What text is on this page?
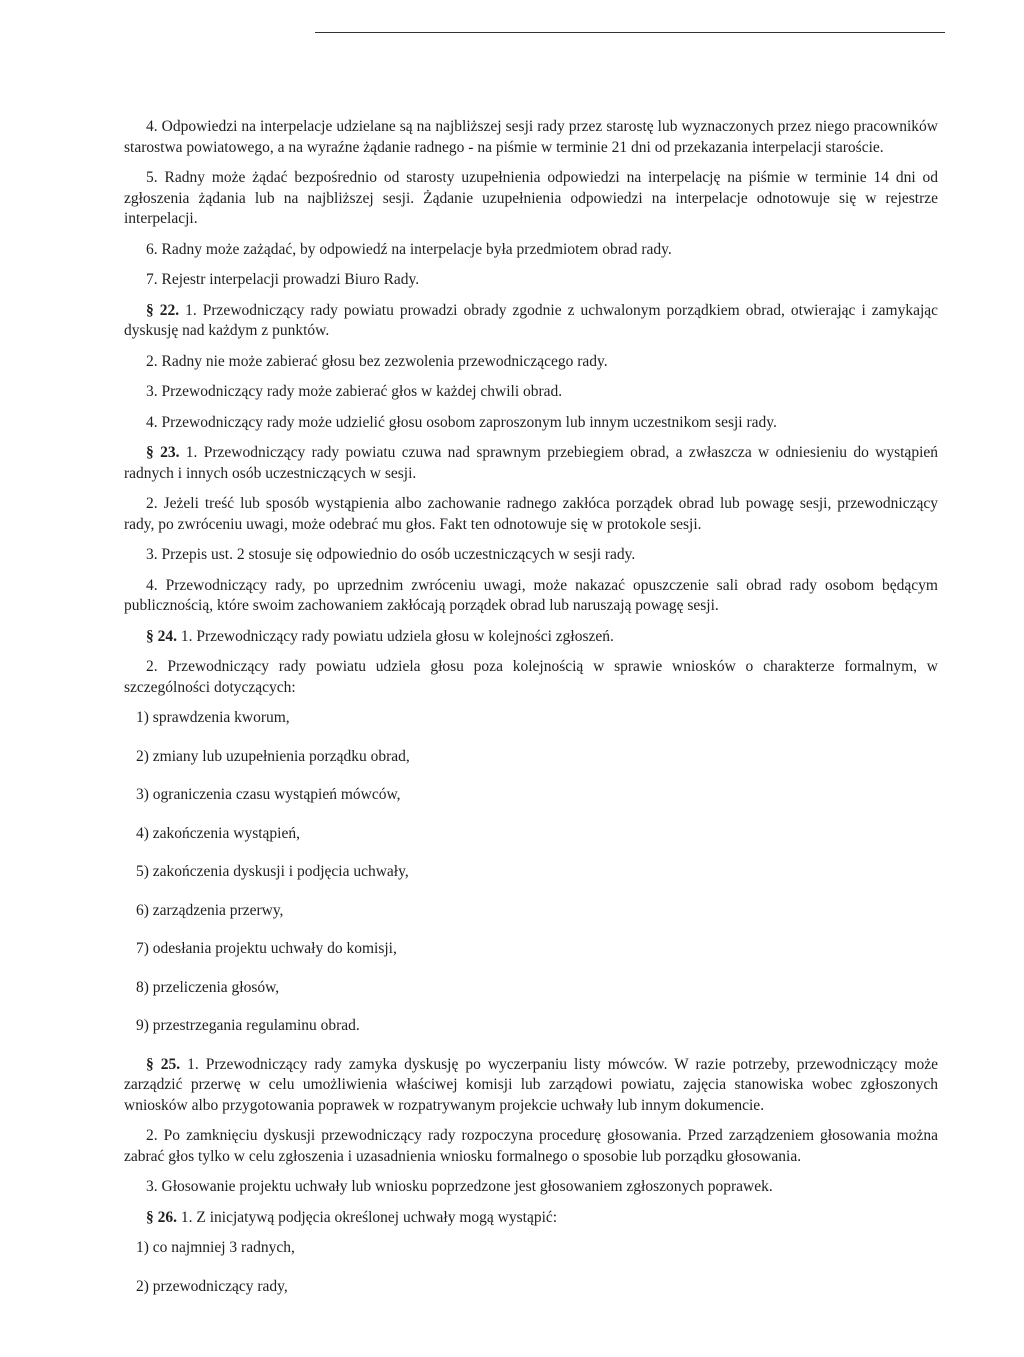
4. Odpowiedzi na interpelacje udzielane są na najbliższej sesji rady przez starostę lub wyznaczonych przez niego pracowników starostwa powiatowego, a na wyraźne żądanie radnego - na piśmie w terminie 21 dni od przekazania interpelacji staroście.

5. Radny może żądać bezpośrednio od starosty uzupełnienia odpowiedzi na interpelację na piśmie w terminie 14 dni od zgłoszenia żądania lub na najbliższej sesji. Żądanie uzupełnienia odpowiedzi na interpelacje odnotowuje się w rejestrze interpelacji.

6. Radny może zażądać, by odpowiedź na interpelacje była przedmiotem obrad rady.

7. Rejestr interpelacji prowadzi Biuro Rady.

§ 22. 1. Przewodniczący rady powiatu prowadzi obrady zgodnie z uchwalonym porządkiem obrad, otwierając i zamykając dyskusję nad każdym z punktów.

2. Radny nie może zabierać głosu bez zezwolenia przewodniczącego rady.

3. Przewodniczący rady może zabierać głos w każdej chwili obrad.

4. Przewodniczący rady może udzielić głosu osobom zaproszonym lub innym uczestnikom sesji rady.

§ 23. 1. Przewodniczący rady powiatu czuwa nad sprawnym przebiegiem obrad, a zwłaszcza w odniesieniu do wystąpień radnych i innych osób uczestniczących w sesji.

2. Jeżeli treść lub sposób wystąpienia albo zachowanie radnego zakłóca porządek obrad lub powagę sesji, przewodniczący rady, po zwróceniu uwagi, może odebrać mu głos. Fakt ten odnotowuje się w protokole sesji.

3. Przepis ust. 2 stosuje się odpowiednio do osób uczestniczących w sesji rady.

4. Przewodniczący rady, po uprzednim zwróceniu uwagi, może nakazać opuszczenie sali obrad rady osobom będącym publicznością, które swoim zachowaniem zakłócają porządek obrad lub naruszają powagę sesji.

§ 24. 1. Przewodniczący rady powiatu udziela głosu w kolejności zgłoszeń.

2. Przewodniczący rady powiatu udziela głosu poza kolejnością w sprawie wniosków o charakterze formalnym, w szczególności dotyczących:

1) sprawdzenia kworum,

2) zmiany lub uzupełnienia porządku obrad,

3) ograniczenia czasu wystąpień mówców,

4) zakończenia wystąpień,

5) zakończenia dyskusji i podjęcia uchwały,

6) zarządzenia przerwy,

7) odesłania projektu uchwały do komisji,

8) przeliczenia głosów,

9) przestrzegania regulaminu obrad.

§ 25. 1. Przewodniczący rady zamyka dyskusję po wyczerpaniu listy mówców. W razie potrzeby, przewodniczący może zarządzić przerwę w celu umożliwienia właściwej komisji lub zarządowi powiatu, zajęcia stanowiska wobec zgłoszonych wniosków albo przygotowania poprawek w rozpatrywanym projekcie uchwały lub innym dokumencie.

2. Po zamknięciu dyskusji przewodniczący rady rozpoczyna procedurę głosowania. Przed zarządzeniem głosowania można zabrać głos tylko w celu zgłoszenia i uzasadnienia wniosku formalnego o sposobie lub porządku głosowania.

3. Głosowanie projektu uchwały lub wniosku poprzedzone jest głosowaniem zgłoszonych poprawek.

§ 26. 1. Z inicjatywą podjęcia określonej uchwały mogą wystąpić:

1) co najmniej 3 radnych,

2) przewodniczący rady,
